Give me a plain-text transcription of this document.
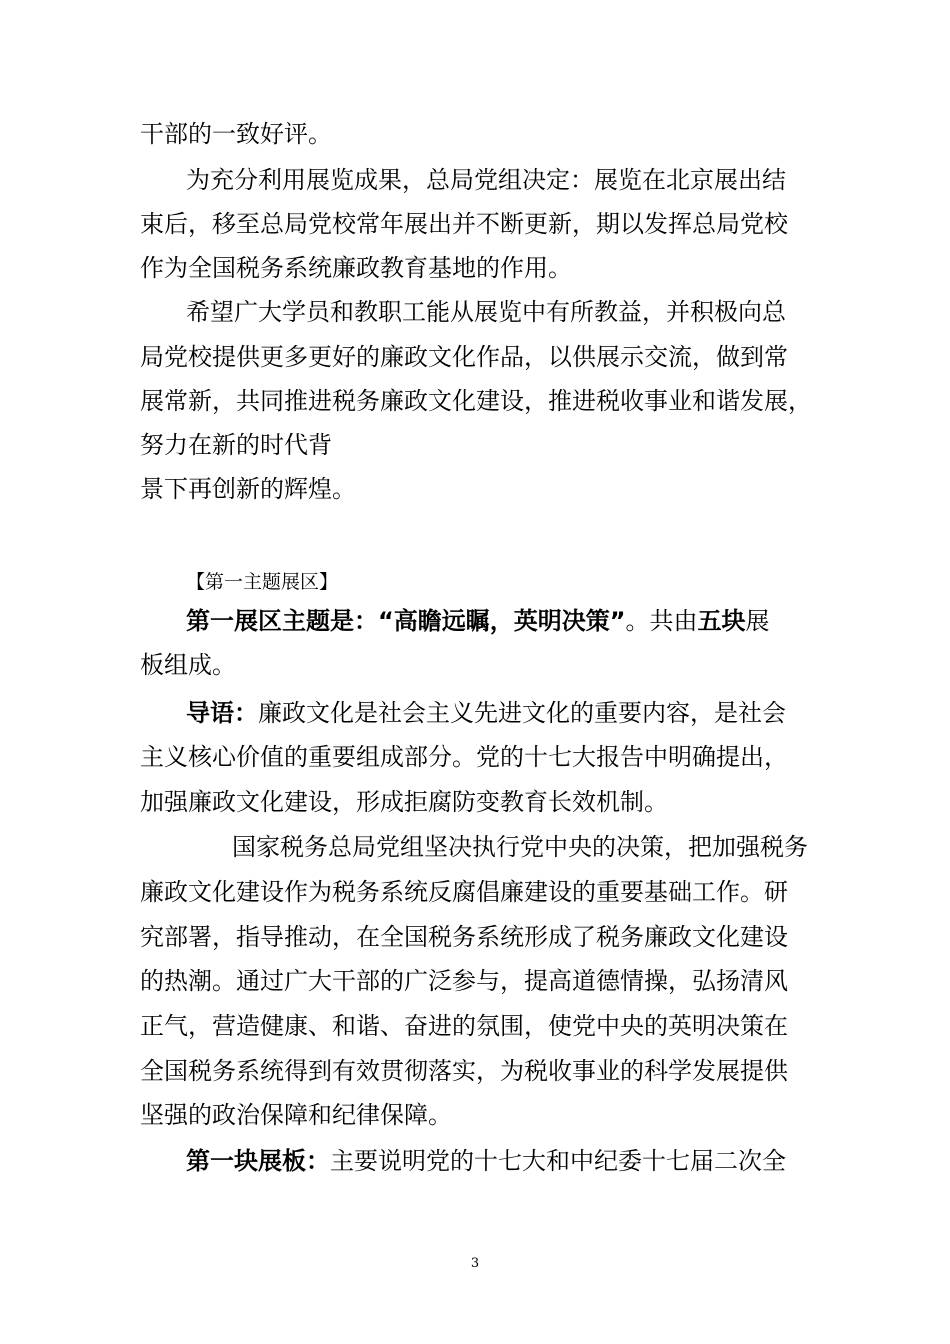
干部的一致好评。
为充分利用展览成果，总局党组决定：展览在北京展出结
束后，移至总局党校常年展出并不断更新，期以发挥总局党校
作为全国税务系统廉政教育基地的作用。
希望广大学员和教职工能从展览中有所教益，并积极向总
局党校提供更多更好的廉政文化作品，以供展示交流，做到常
展常新，共同推进税务廉政文化建设，推进税收事业和谐发展，
努力在新的时代背
景下再创新的辉煌。
【第一主题展区】
第一展区主题是：“高瞻远瞩，英明决策”。共由五块展
板组成。
导语：廉政文化是社会主义先进文化的重要内容，是社会
主义核心价值的重要组成部分。党的十七大报告中明确提出，
加强廉政文化建设，形成拒腐防变教育长效机制。
国家税务总局党组坚决执行党中央的决策，把加强税务
廉政文化建设作为税务系统反腐倡廉建设的重要基础工作。研
究部署，指导推动，在全国税务系统形成了税务廉政文化建设
的热潮。通过广大干部的广泛参与，提高道德情操，弘扬清风
正气，营造健康、和谐、奋进的氛围，使党中央的英明决策在
全国税务系统得到有效贯彻落实，为税收事业的科学发展提供
坚强的政治保障和纪律保障。
第一块展板：主要说明党的十七大和中纪委十七届二次全
3
